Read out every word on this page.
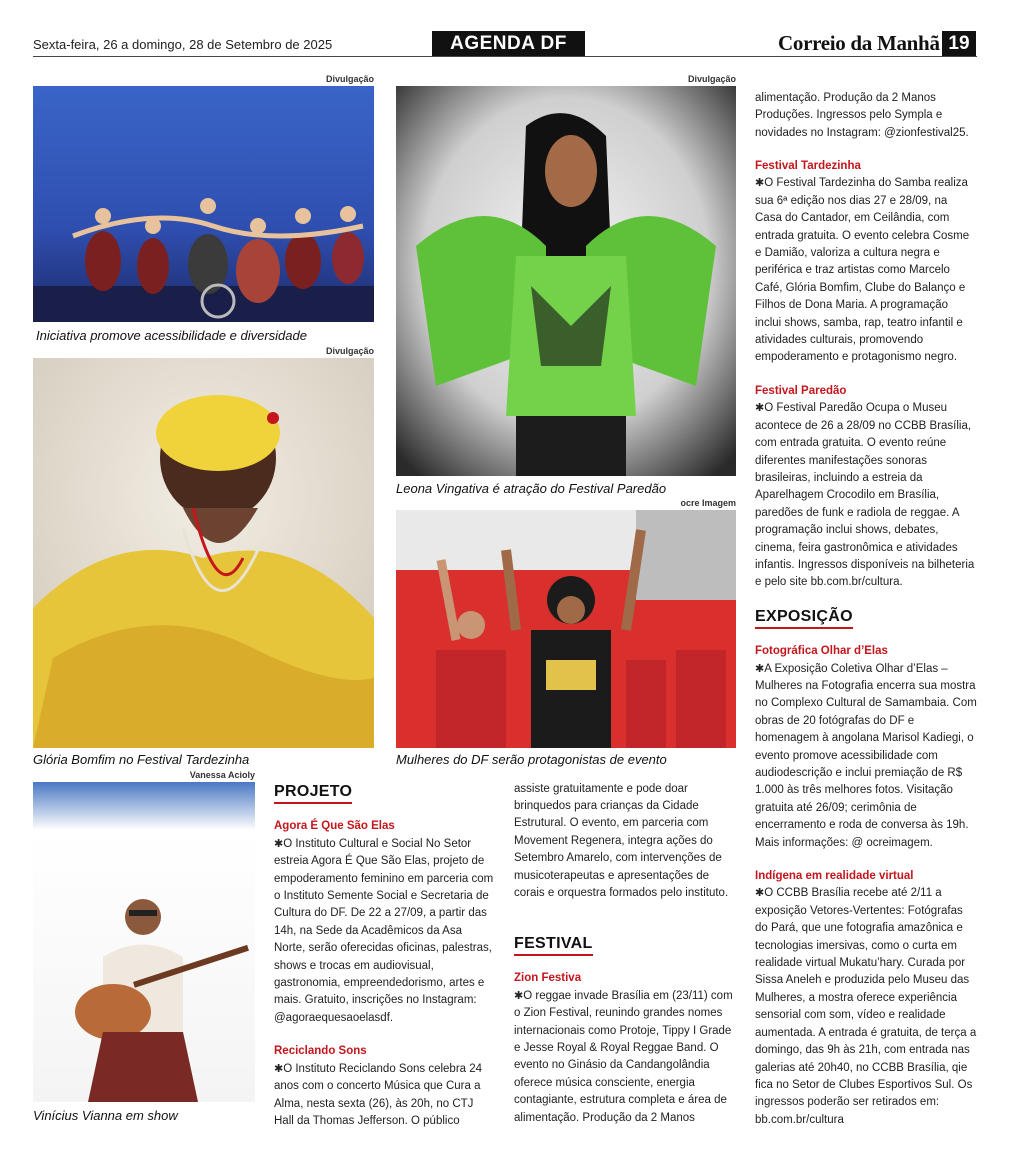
Sexta-feira, 26 a domingo, 28 de Setembro de 2025	AGENDA DF	Correio da Manhã 19
Divulgação
Iniciativa promove acessibilidade e diversidade
Divulgação
Glória Bomfim no Festival Tardezinha
Vanessa Acioly
Vinícius Vianna em show
Divulgação
Leona Vingativa é atração do Festival Paredão
ocre Imagem
Mulheres do DF serão protagonistas de evento
PROJETO
Agora É Que São Elas

✱O Instituto Cultural e Social No Setor estreia Agora É Que São Elas, projeto de empoderamento feminino em parceria com o Instituto Semente Social e Secretaria de Cultura do DF. De 22 a 27/09, a partir das 14h, na Sede da Acadêmicos da Asa Norte, serão oferecidas oficinas, palestras, shows e trocas em audiovisual, gastronomia, empreendedorismo, artes e mais. Gratuito, inscrições no Instagram: @agoraequesaoelasdf.

Reciclando Sons

✱O Instituto Reciclando Sons celebra 24 anos com o concerto Música que Cura a Alma, nesta sexta (26), às 20h, no CTJ Hall da Thomas Jefferson. O público

assiste gratuitamente e pode doar brinquedos para crianças da Cidade Estrutural. O evento, em parceria com Movement Regenera, integra ações do Setembro Amarelo, com intervenções de musicoterapeutas e apresentações de corais e orquestra formados pelo instituto.

FESTIVAL
Zion Festiva

✱O reggae invade Brasília em (23/11) com o Zion Festival, reunindo grandes nomes internacionais como Protoje, Tippy I Grade e Jesse Royal & Royal Reggae Band. O evento no Ginásio da Candangolândia oferece música consciente, energia contagiante, estrutura completa e área de alimentação. Produção da 2 Manos

alimentação. Produção da 2 Manos Produções. Ingressos pelo Sympla e novidades no Instagram: @zionfestival25.

Festival Tardezinha

✱O Festival Tardezinha do Samba realiza sua 6ª edição nos dias 27 e 28/09, na Casa do Cantador, em Ceilândia, com entrada gratuita. O evento celebra Cosme e Damião, valoriza a cultura negra e periférica e traz artistas como Marcelo Café, Glória Bomfim, Clube do Balanço e Filhos de Dona Maria. A programação inclui shows, samba, rap, teatro infantil e atividades culturais, promovendo empoderamento e protagonismo negro.

Festival Paredão

✱O Festival Paredão Ocupa o Museu acontece de 26 a 28/09 no CCBB Brasília, com entrada gratuita. O evento reúne diferentes manifestações sonoras brasileiras, incluindo a estreia da Aparelhagem Crocodilo em Brasília, paredões de funk e radiola de reggae. A programação inclui shows, debates, cinema, feira gastronômica e atividades infantis. Ingressos disponíveis na bilheteria e pelo site bb.com.br/cultura.

EXPOSIÇÃO
Fotográfica Olhar d’Elas

✱A Exposição Coletiva Olhar d’Elas – Mulheres na Fotografia encerra sua mostra no Complexo Cultural de Samambaia. Com obras de 20 fotógrafas do DF e homenagem à angolana Marisol Kadiegi, o evento promove acessibilidade com audiodescrição e inclui premiação de R$ 1.000 às três melhores fotos. Visitação gratuita até 26/09; cerimônia de encerramento e roda de conversa às 19h. Mais informações: @ ocreimagem.

Indígena em realidade virtual

✱O CCBB Brasília recebe até 2/11 a exposição Vetores-Vertentes: Fotógrafas do Pará, que une fotografia amazônica e tecnologias imersivas, como o curta em realidade virtual Mukatu’hary. Curada por Sissa Aneleh e produzida pelo Museu das Mulheres, a mostra oferece experiência sensorial com som, vídeo e realidade aumentada. A entrada é gratuita, de terça a domingo, das 9h às 21h, com entrada nas galerias até 20h40, no CCBB Brasília, qie fica no Setor de Clubes Esportivos Sul. Os ingressos poderão ser retirados em: bb.com.br/cultura
